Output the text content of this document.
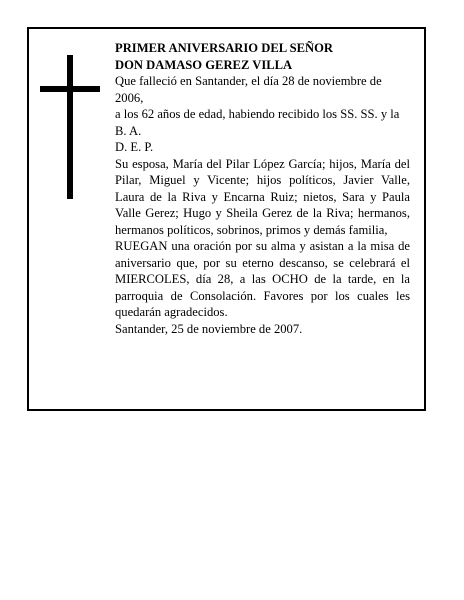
PRIMER ANIVERSARIO DEL SEÑOR

DON DAMASO GEREZ VILLA

Que falleció en Santander, el día 28 de noviembre de 2006,

a los 62 años de edad, habiendo recibido los SS. SS. y la B. A.

D. E. P.

Su esposa, María del Pilar López García; hijos, María del Pilar, Miguel y Vicente; hijos políticos, Javier Valle, Laura de la Riva y Encarna Ruiz; nietos, Sara y Paula Valle Gerez; Hugo y Sheila Gerez de la Riva; hermanos, hermanos políticos, sobrinos, primos y demás familia,

RUEGAN una oración por su alma y asistan a la misa de aniversario que, por su eterno descanso, se celebrará el MIERCOLES, día 28, a las OCHO de la tarde, en la parroquia de Consolación. Favores por los cuales les quedarán agradecidos.

Santander, 25 de noviembre de 2007.
